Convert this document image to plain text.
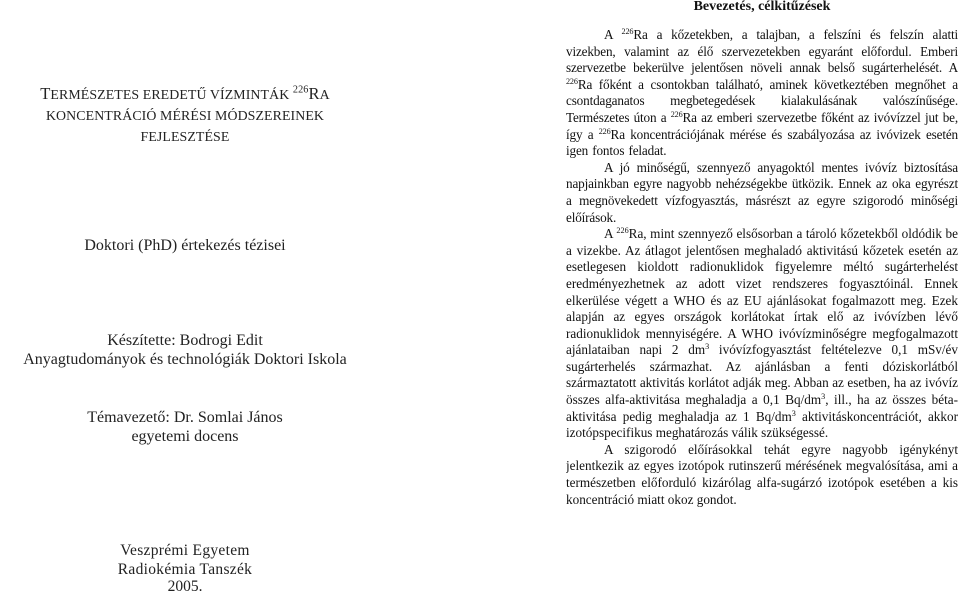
TERMÉSZETES EREDETŰ VÍZMINTÁK $^{226}$RA
KONCENTRÁCIÓ MÉRÉSI MÓDSZEREINEK
FEJLESZTÉSE
Doktori (PhD) értekezés tézisei
Készítette: Bodrogi Edit
Anyagtudományok és technológiák Doktori Iskola
Témavezető: Dr. Somlai János
egyetemi docens
Veszprémi Egyetem
Radiokémia Tanszék
2005.
Bevezetés, célkitűzések

A $^{226}$Ra a kőzetekben, a talajban, a felszíni és felszín alatti vizekben, valamint az élő szervezetekben egyaránt előfordul. Emberi szervezetbe bekerülve jelentősen növeli annak belső sugárterhelését. A $^{226}$Ra főként a csontokban található, aminek következtében megnőhet a csontdaganatos megbetegedések kialakulásának valószínűsége. Természetes úton a $^{226}$Ra az emberi szervezetbe főként az ivóvízzel jut be, így a $^{226}$Ra koncentrációjának mérése és szabályozása az ivóvizek esetén igen fontos feladat.

A jó minőségű, szennyező anyagoktól mentes ivóvíz biztosítása napjainkban egyre nagyobb nehézségekbe ütközik. Ennek az oka egyrészt a megnövekedett vízfogyasztás, másrészt az egyre szigorodó minőségi előírások.

A $^{226}$Ra, mint szennyező elsősorban a tároló kőzetekből oldódik be a vizekbe. Az átlagot jelentősen meghaladó aktivitású kőzetek esetén az esetlegesen kioldott radionuklidok figyelemre méltó sugárterhelést eredményezhetnek az adott vizet rendszeres fogyasztóinál. Ennek elkerülése végett a WHO és az EU ajánlásokat fogalmazott meg. Ezek alapján az egyes országok korlátokat írtak elő az ivóvízben lévő radionuklidok mennyiségére. A WHO ivóvízminőségre megfogalmazott ajánlataiban napi 2 $dm^3$ ivóvízfogyasztást feltételezve 0,1 mSv/év sugárterhelés származhat. Az ajánlásban a fenti dóziskorlátból származtatott aktivitás korlátot adják meg. Abban az esetben, ha az ivóvíz összes alfa-aktivitása meghaladja a 0,1 $Bq/dm^3$, ill., ha az összes béta-aktivitása pedig meghaladja az 1 $Bq/dm^3$ aktivitáskoncentrációt, akkor izotópspecifikus meghatározás válik szükségessé.

A szigorodó előírásokkal tehát egyre nagyobb igénykényt jelentkezik az egyes izotópok rutinszerű mérésének megvalósítása, ami a természetben előforduló kizárólag alfa-sugárzó izotópok esetében a kis koncentráció miatt okoz gondot.
